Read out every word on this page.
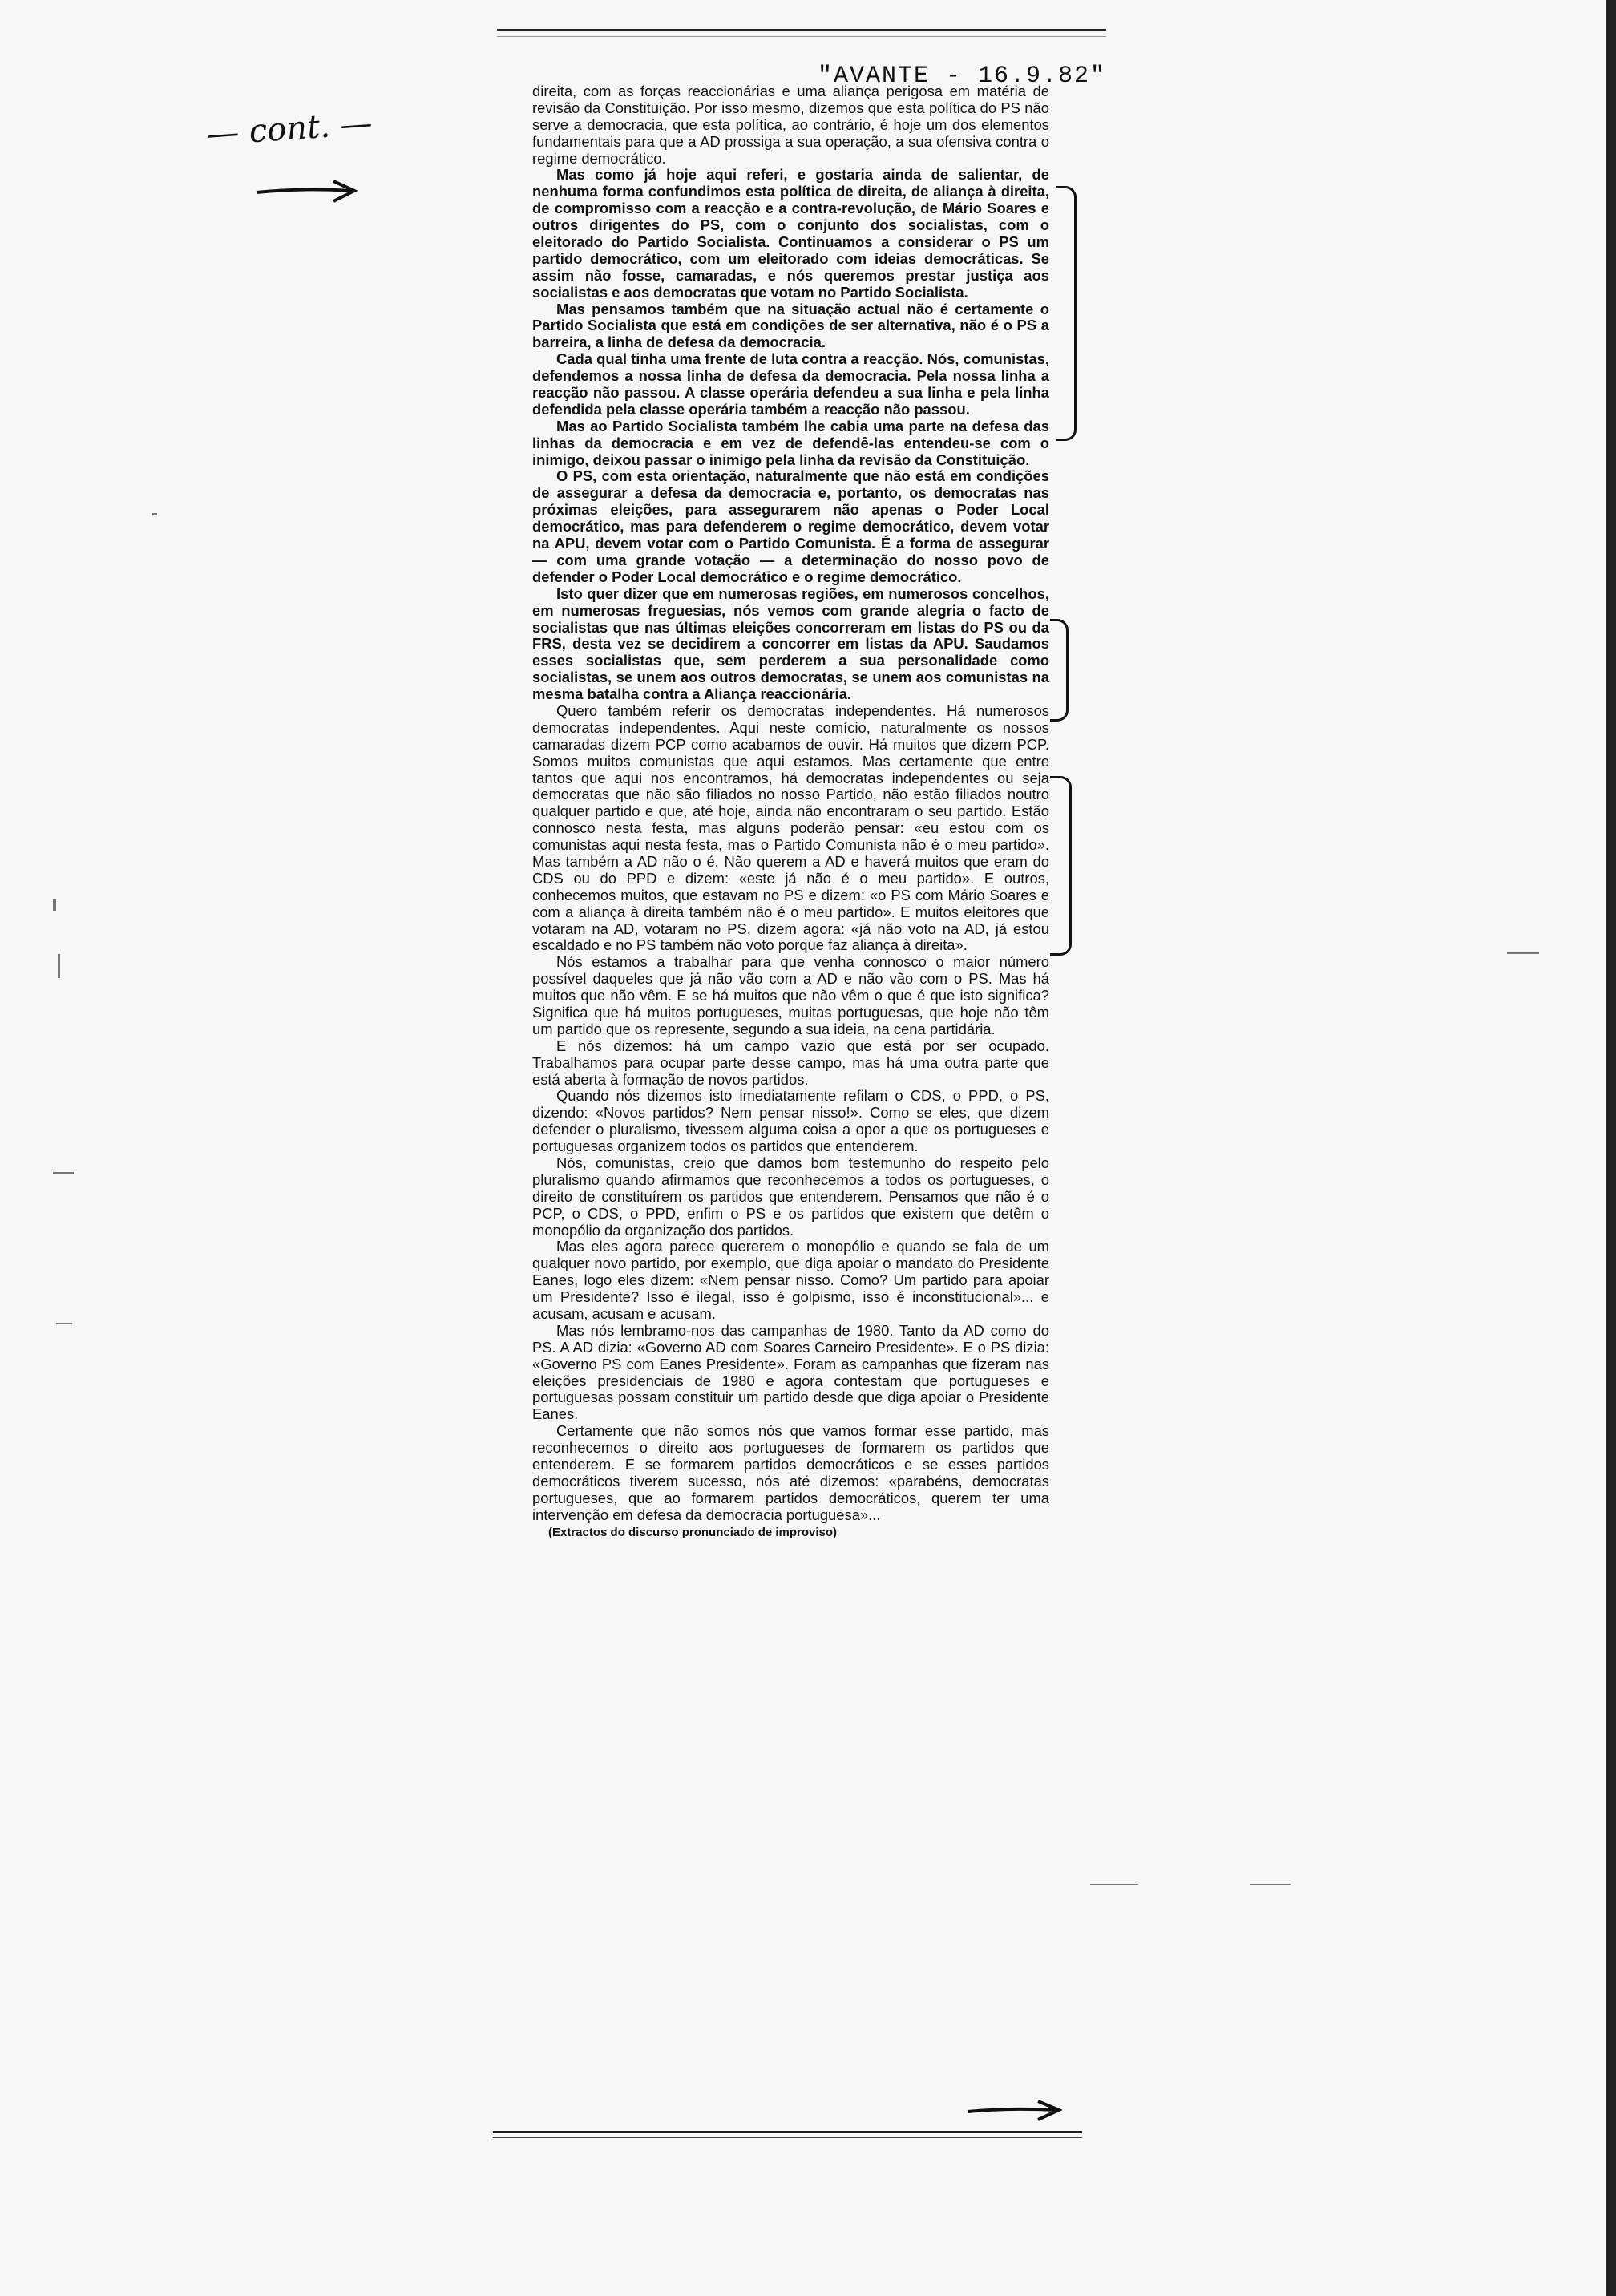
"AVANTE - 16.9.82"
— cont. —

direita, com as forças reaccionárias e uma aliança perigosa em matéria de revisão da Constituição. Por isso mesmo, dizemos que esta política do PS não serve a democracia, que esta política, ao contrário, é hoje um dos elementos fundamentais para que a AD prossiga a sua operação, a sua ofensiva contra o regime democrático.

Mas como já hoje aqui referi, e gostaria ainda de salientar, de nenhuma forma confundimos esta política de direita, de aliança à direita, de compromisso com a reacção e a contra-revolução, de Mário Soares e outros dirigentes do PS, com o conjunto dos socialistas, com o eleitorado do Partido Socialista. Continuamos a considerar o PS um partido democrático, com um eleitorado com ideias democráticas. Se assim não fosse, camaradas, e nós queremos prestar justiça aos socialistas e aos democratas que votam no Partido Socialista.

Mas pensamos também que na situação actual não é certamente o Partido Socialista que está em condições de ser alternativa, não é o PS a barreira, a linha de defesa da democracia.

Cada qual tinha uma frente de luta contra a reacção. Nós, comunistas, defendemos a nossa linha de defesa da democracia. Pela nossa linha a reacção não passou. A classe operária defendeu a sua linha e pela linha defendida pela classe operária também a reacção não passou.

Mas ao Partido Socialista também lhe cabia uma parte na defesa das linhas da democracia e em vez de defendê-las entendeu-se com o inimigo, deixou passar o inimigo pela linha da revisão da Constituição.

O PS, com esta orientação, naturalmente que não está em condições de assegurar a defesa da democracia e, portanto, os democratas nas próximas eleições, para assegurarem não apenas o Poder Local democrático, mas para defenderem o regime democrático, devem votar na APU, devem votar com o Partido Comunista. É a forma de assegurar — com uma grande votação — a determinação do nosso povo de defender o Poder Local democrático e o regime democrático.

Isto quer dizer que em numerosas regiões, em numerosos concelhos, em numerosas freguesias, nós vemos com grande alegria o facto de socialistas que nas últimas eleições concorreram em listas do PS ou da FRS, desta vez se decidirem a concorrer em listas da APU. Saudamos esses socialistas que, sem perderem a sua personalidade como socialistas, se unem aos outros democratas, se unem aos comunistas na mesma batalha contra a Aliança reaccionária.

Quero também referir os democratas independentes. Há numerosos democratas independentes. Aqui neste comício, naturalmente os nossos camaradas dizem PCP como acabamos de ouvir. Há muitos que dizem PCP. Somos muitos comunistas que aqui estamos. Mas certamente que entre tantos que aqui nos encontramos, há democratas independentes ou seja democratas que não são filiados no nosso Partido, não estão filiados noutro qualquer partido e que, até hoje, ainda não encontraram o seu partido. Estão connosco nesta festa, mas alguns poderão pensar: «eu estou com os comunistas aqui nesta festa, mas o Partido Comunista não é o meu partido». Mas também a AD não o é. Não querem a AD e haverá muitos que eram do CDS ou do PPD e dizem: «este já não é o meu partido». E outros, conhecemos muitos, que estavam no PS e dizem: «o PS com Mário Soares e com a aliança à direita também não é o meu partido». E muitos eleitores que votaram na AD, votaram no PS, dizem agora: «já não voto na AD, já estou escaldado e no PS também não voto porque faz aliança à direita».

Nós estamos a trabalhar para que venha connosco o maior número possível daqueles que já não vão com a AD e não vão com o PS. Mas há muitos que não vêm. E se há muitos que não vêm o que é que isto significa? Significa que há muitos portugueses, muitas portuguesas, que hoje não têm um partido que os represente, segundo a sua ideia, na cena partidária.

E nós dizemos: há um campo vazio que está por ser ocupado. Trabalhamos para ocupar parte desse campo, mas há uma outra parte que está aberta à formação de novos partidos.

Quando nós dizemos isto imediatamente refilam o CDS, o PPD, o PS, dizendo: «Novos partidos? Nem pensar nisso!». Como se eles, que dizem defender o pluralismo, tivessem alguma coisa a opor a que os portugueses e portuguesas organizem todos os partidos que entenderem.

Nós, comunistas, creio que damos bom testemunho do respeito pelo pluralismo quando afirmamos que reconhecemos a todos os portugueses, o direito de constituírem os partidos que entenderem. Pensamos que não é o PCP, o CDS, o PPD, enfim o PS e os partidos que existem que detêm o monopólio da organização dos partidos.

Mas eles agora parece quererem o monopólio e quando se fala de um qualquer novo partido, por exemplo, que diga apoiar o mandato do Presidente Eanes, logo eles dizem: «Nem pensar nisso. Como? Um partido para apoiar um Presidente? Isso é ilegal, isso é golpismo, isso é inconstitucional»... e acusam, acusam e acusam.

Mas nós lembramo-nos das campanhas de 1980. Tanto da AD como do PS. A AD dizia: «Governo AD com Soares Carneiro Presidente». E o PS dizia: «Governo PS com Eanes Presidente». Foram as campanhas que fizeram nas eleições presidenciais de 1980 e agora contestam que portugueses e portuguesas possam constituir um partido desde que diga apoiar o Presidente Eanes.

Certamente que não somos nós que vamos formar esse partido, mas reconhecemos o direito aos portugueses de formarem os partidos que entenderem. E se formarem partidos democráticos e se esses partidos democráticos tiverem sucesso, nós até dizemos: «parabéns, democratas portugueses, que ao formarem partidos democráticos, querem ter uma intervenção em defesa da democracia portuguesa»...

(Extractos do discurso pronunciado de improviso)
